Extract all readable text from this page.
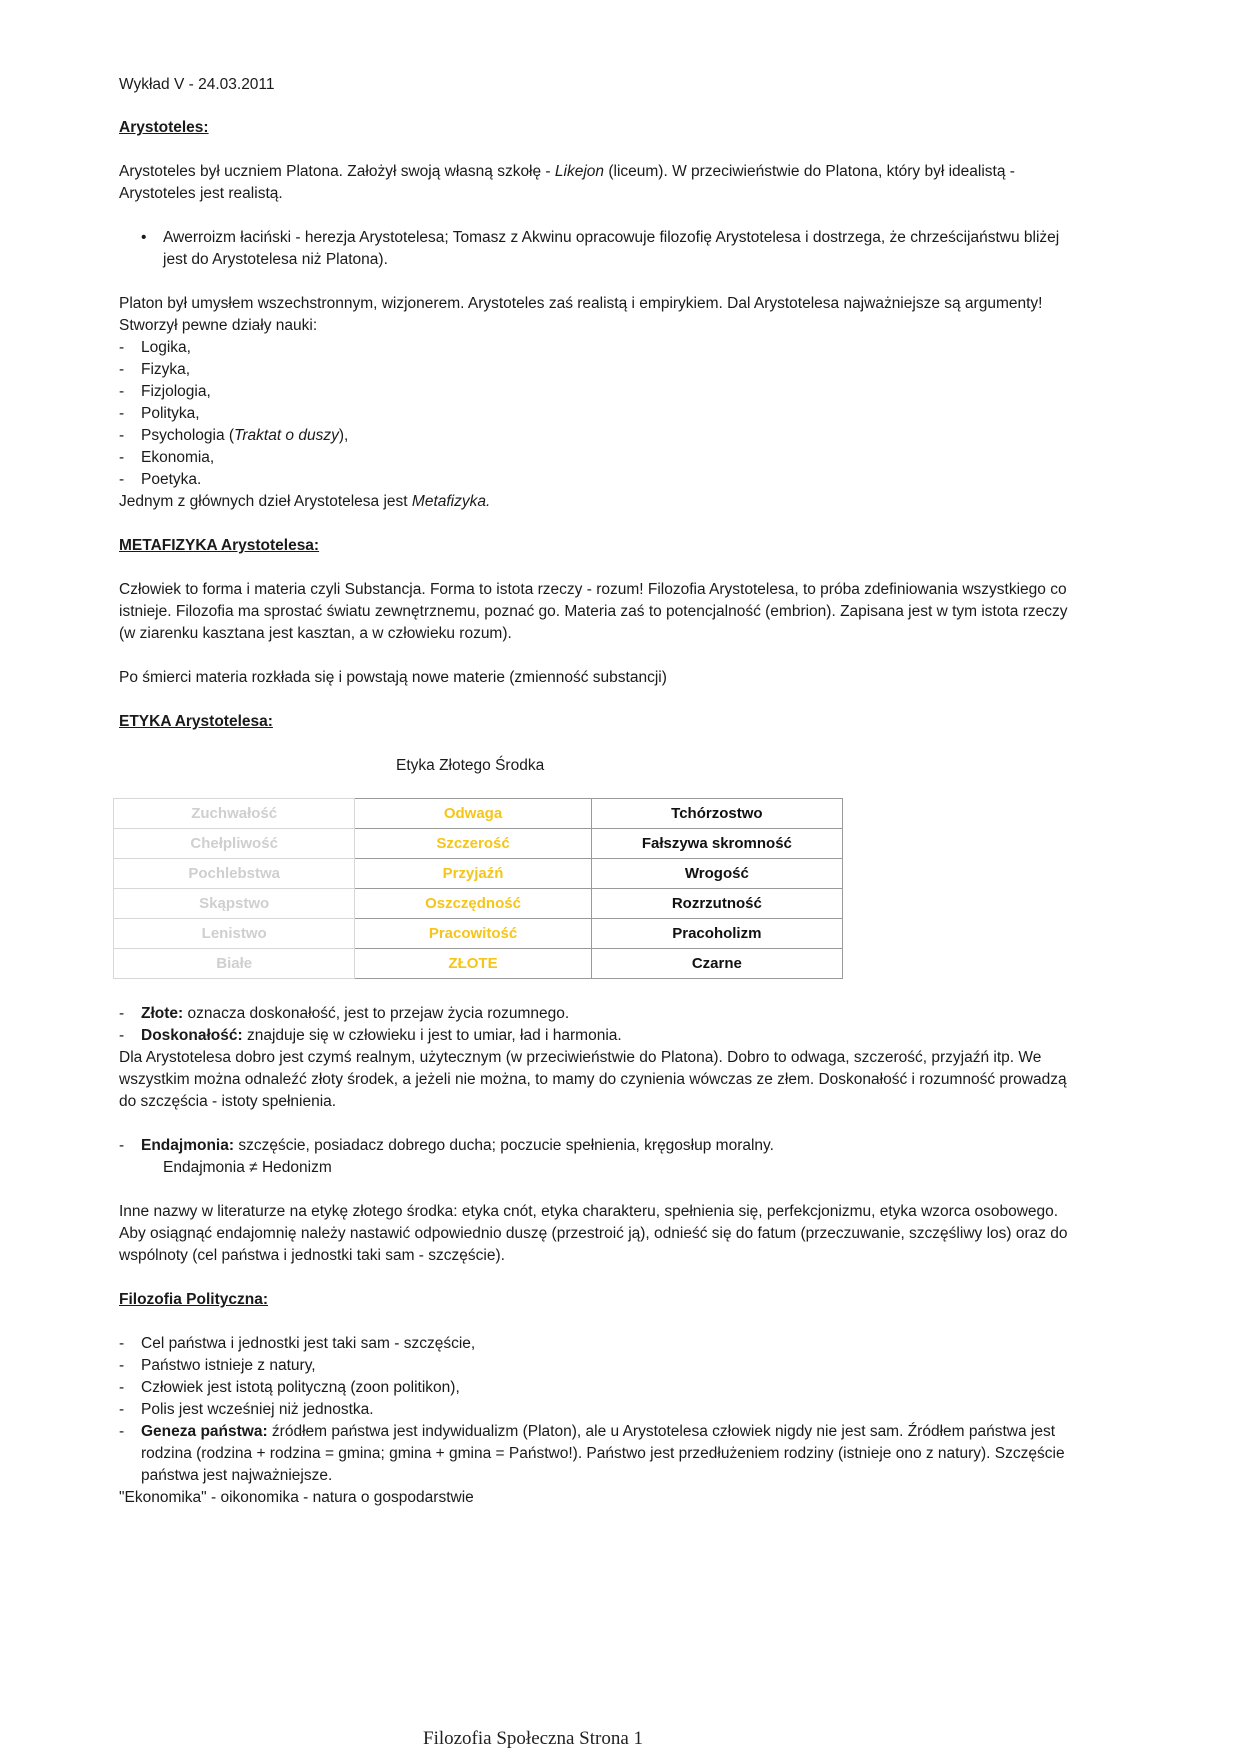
Wykład V - 24.03.2011

Arystoteles:

Arystoteles był uczniem Platona. Założył swoją własną szkołę - Likejon (liceum). W przeciwieństwie do Platona, który był idealistą - Arystoteles jest realistą.

• Awerroizm łaciński - herezja Arystotelesa; Tomasz z Akwinu opracowuje filozofię Arystotelesa i dostrzega, że chrześcijaństwu bliżej jest do Arystotelesa niż Platona).

Platon był umysłem wszechstronnym, wizjonerem. Arystoteles zaś realistą i empirykiem. Dal Arystotelesa najważniejsze są argumenty! Stworzył pewne działy nauki:

- Logika,
- Fizyka,
- Fizjologia,
- Polityka,
- Psychologia (Traktat o duszy),
- Ekonomia,
- Poetyka.

Jednym z głównych dzieł Arystotelesa jest Metafizyka.

METAFIZYKA Arystotelesa:

Człowiek to forma i materia czyli Substancja. Forma to istota rzeczy - rozum! Filozofia Arystotelesa, to próba zdefiniowania wszystkiego co istnieje. Filozofia ma sprostać światu zewnętrznemu, poznać go. Materia zaś to potencjalność (embrion). Zapisana jest w tym istota rzeczy (w ziarenku kasztana jest kasztan, a w człowieku rozum).

Po śmierci materia rozkłada się i powstają nowe materie (zmienność substancji)

ETYKA Arystotelesa:

Etyka Złotego Środka

Zuchwałość	Odwaga	Tchórzostwo
Chełpliwość	Szczerość	Fałszywa skromność
Pochlebstwa	Przyjaźń	Wrogość
Skąpstwo	Oszczędność	Rozrzutność
Lenistwo	Pracowitość	Pracoholizm
Białe	ZŁOTE	Czarne
- Złote: oznacza doskonałość, jest to przejaw życia rozumnego.
- Doskonałość: znajduje się w człowieku i jest to umiar, ład i harmonia.

Dla Arystotelesa dobro jest czymś realnym, użytecznym (w przeciwieństwie do Platona). Dobro to odwaga, szczerość, przyjaźń itp. We wszystkim można odnaleźć złoty środek, a jeżeli nie można, to mamy do czynienia wówczas ze złem. Doskonałość i rozumność prowadzą do szczęścia - istoty spełnienia.

- Endajmonia: szczęście, posiadacz dobrego ducha; poczucie spełnienia, kręgosłup moralny.

Endajmonia ≠ Hedonizm

Inne nazwy w literaturze na etykę złotego środka: etyka cnót, etyka charakteru, spełnienia się, perfekcjonizmu, etyka wzorca osobowego. Aby osiągnąć endajomnię należy nastawić odpowiednio duszę (przestroić ją), odnieść się do fatum (przeczuwanie, szczęśliwy los) oraz do wspólnoty (cel państwa i jednostki taki sam - szczęście).

Filozofia Polityczna:

- Cel państwa i jednostki jest taki sam - szczęście,
- Państwo istnieje z natury,
- Człowiek jest istotą polityczną (zoon politikon),
- Polis jest wcześniej niż jednostka.
- Geneza państwa: źródłem państwa jest indywidualizm (Platon), ale u Arystotelesa człowiek nigdy nie jest sam. Źródłem państwa jest rodzina (rodzina + rodzina = gmina; gmina + gmina = Państwo!). Państwo jest przedłużeniem rodziny (istnieje ono z natury). Szczęście państwa jest najważniejsze.

"Ekonomika" - oikonomika - natura o gospodarstwie

Filozofia Społeczna Strona 1
